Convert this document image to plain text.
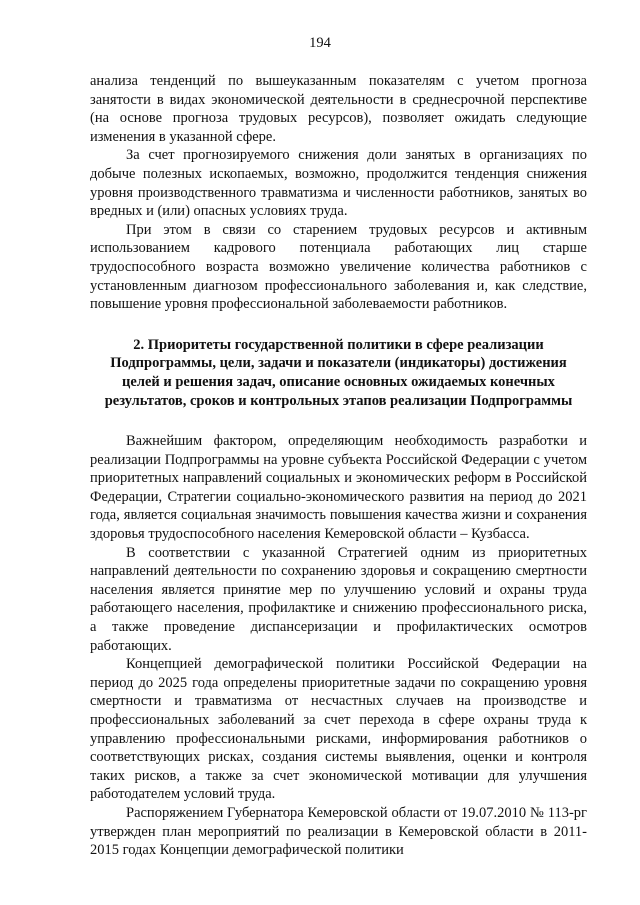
194

анализа тенденций по вышеуказанным показателям с учетом прогноза занятости в видах экономической деятельности в среднесрочной перспективе (на основе прогноза трудовых ресурсов), позволяет ожидать следующие изменения в указанной сфере.

За счет прогнозируемого снижения доли занятых в организациях по добыче полезных ископаемых, возможно, продолжится тенденция снижения уровня производственного травматизма и численности работников, занятых во вредных и (или) опасных условиях труда.

При этом в связи со старением трудовых ресурсов и активным использованием кадрового потенциала работающих лиц старше трудоспособного возраста возможно увеличение количества работников с установленным диагнозом профессионального заболевания и, как следствие, повышение уровня профессиональной заболеваемости работников.

2. Приоритеты государственной политики в сфере реализации
Подпрограммы, цели, задачи и показатели (индикаторы) достижения
целей и решения задач, описание основных ожидаемых конечных
результатов, сроков и контрольных этапов реализации Подпрограммы

Важнейшим фактором, определяющим необходимость разработки и реализации Подпрограммы на уровне субъекта Российской Федерации с учетом приоритетных направлений социальных и экономических реформ в Российской Федерации, Стратегии социально-экономического развития на период до 2021 года, является социальная значимость повышения качества жизни и сохранения здоровья трудоспособного населения Кемеровской области – Кузбасса.

В соответствии с указанной Стратегией одним из приоритетных направлений деятельности по сохранению здоровья и сокращению смертности населения является принятие мер по улучшению условий и охраны труда работающего населения, профилактике и снижению профессионального риска, а также проведение диспансеризации и профилактических осмотров работающих.

Концепцией демографической политики Российской Федерации на период до 2025 года определены приоритетные задачи по сокращению уровня смертности и травматизма от несчастных случаев на производстве и профессиональных заболеваний за счет перехода в сфере охраны труда к управлению профессиональными рисками, информирования работников о соответствующих рисках, создания системы выявления, оценки и контроля таких рисков, а также за счет экономической мотивации для улучшения работодателем условий труда.

Распоряжением Губернатора Кемеровской области от 19.07.2010 № 113-рг утвержден план мероприятий по реализации в Кемеровской области в 2011-2015 годах Концепции демографической политики
